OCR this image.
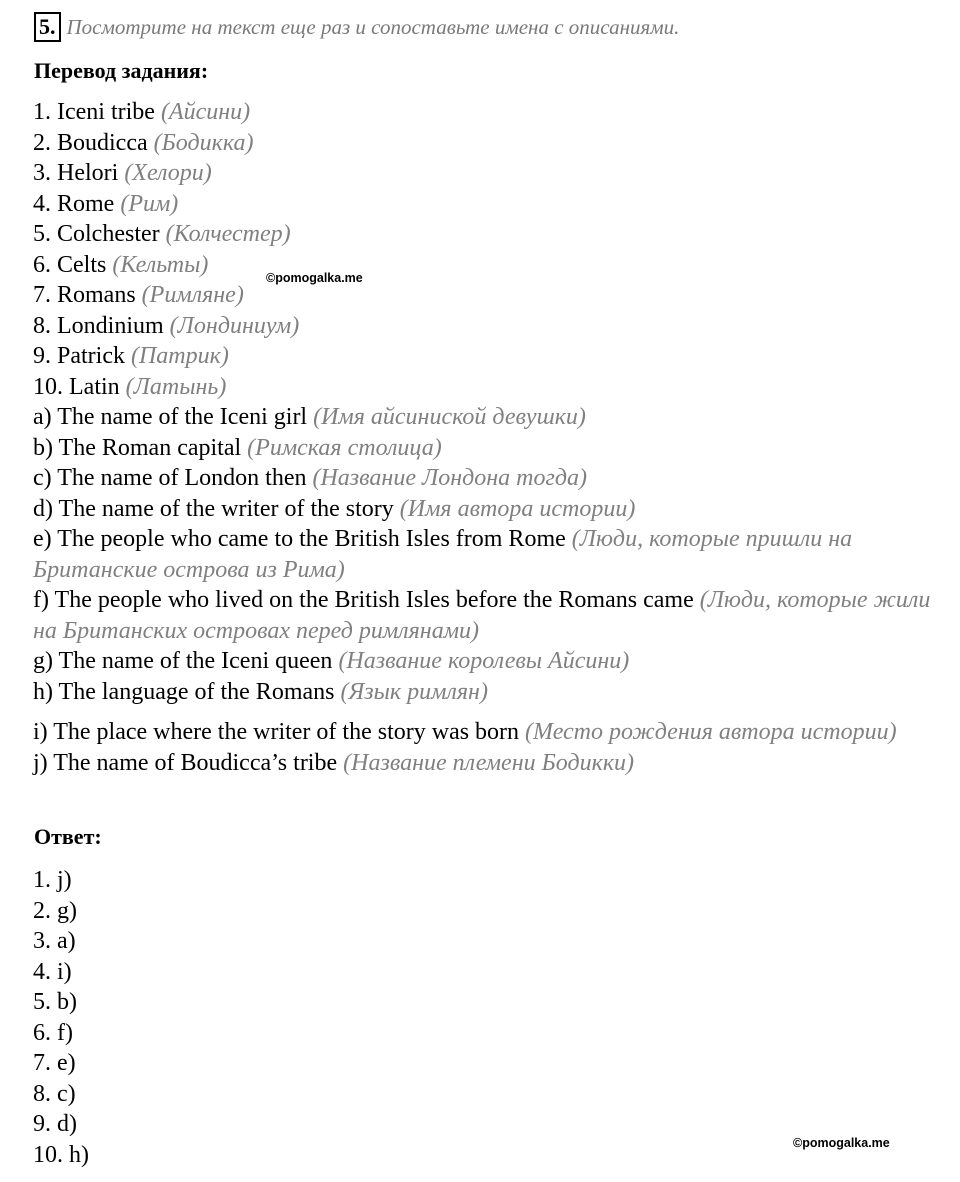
5. Посмотрите на текст еще раз и сопоставьте имена с описаниями.
Перевод задания:
1. Iceni tribe (Айсини)
2. Boudicca (Бодикка)
3. Helori (Хелори)
4. Rome (Рим)
5. Colchester (Колчестер)
6. Celts (Кельты)
7. Romans (Римляне)
8. Londinium (Лондиниум)
9. Patrick (Патрик)
10. Latin (Латынь)
a) The name of the Iceni girl (Имя айсиниской девушки)
b) The Roman capital (Римская столица)
c) The name of London then (Название Лондона тогда)
d) The name of the writer of the story (Имя автора истории)
e) The people who came to the British Isles from Rome (Люди, которые пришли на Британские острова из Рима)
f) The people who lived on the British Isles before the Romans came (Люди, которые жили на Британских островах перед римлянами)
g) The name of the Iceni queen (Название королевы Айсини)
h) The language of the Romans (Язык римлян)
i) The place where the writer of the story was born (Место рождения автора истории)
j) The name of Boudicca’s tribe (Название племени Бодикки)
Ответ:
1. j)
2. g)
3. a)
4. i)
5. b)
6. f)
7. e)
8. c)
9. d)
10. h)
©pomogalka.me
©pomogalka.me
